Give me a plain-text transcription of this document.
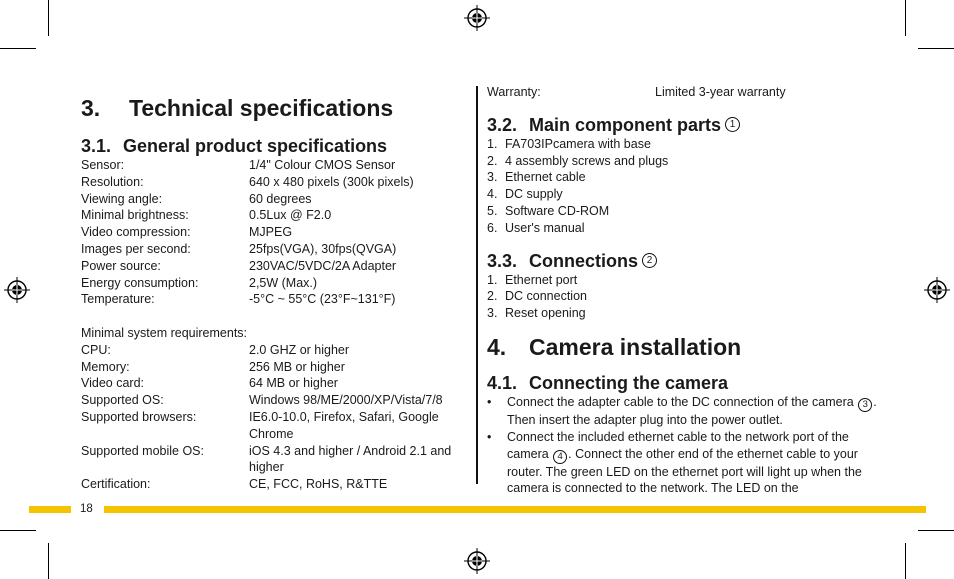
3.	Technical specifications
3.1. General product specifications
Sensor:	1/4" Colour CMOS Sensor
Resolution:	640 x 480 pixels (300k pixels)
Viewing angle:	60 degrees
Minimal brightness:	0.5Lux @ F2.0
Video compression:	MJPEG
Images per second:	25fps(VGA), 30fps(QVGA)
Power source:	230VAC/5VDC/2A Adapter
Energy consumption:	2,5W (Max.)
Temperature:	-5°C ~ 55°C (23°F~131°F)
Minimal system requirements:
CPU:	2.0 GHZ or higher
Memory:	256 MB or higher
Video card:	64 MB or higher
Supported OS:	Windows 98/ME/2000/XP/Vista/7/8
Supported browsers:	IE6.0-10.0, Firefox, Safari, Google Chrome
Supported mobile OS:	iOS 4.3 and higher / Android 2.1 and higher
Certification:	CE, FCC, RoHS, R&TTE
Warranty:	Limited 3-year warranty
3.2. Main component parts 1
1. FA703IPcamera with base
2. 4 assembly screws and plugs
3. Ethernet cable
4. DC supply
5. Software CD-ROM
6. User's manual
3.3. Connections 2
1. Ethernet port
2. DC connection
3. Reset opening
4. Camera installation
4.1. Connecting the camera
•	Connect the adapter cable to the DC connection of the camera 3 . Then insert the adapter plug into the power outlet.
•	Connect the included ethernet cable to the network port of the camera 4 . Connect the other end of the ethernet cable to your router. The green LED on the ethernet port will light up when the camera is connected to the network. The LED on the
18
